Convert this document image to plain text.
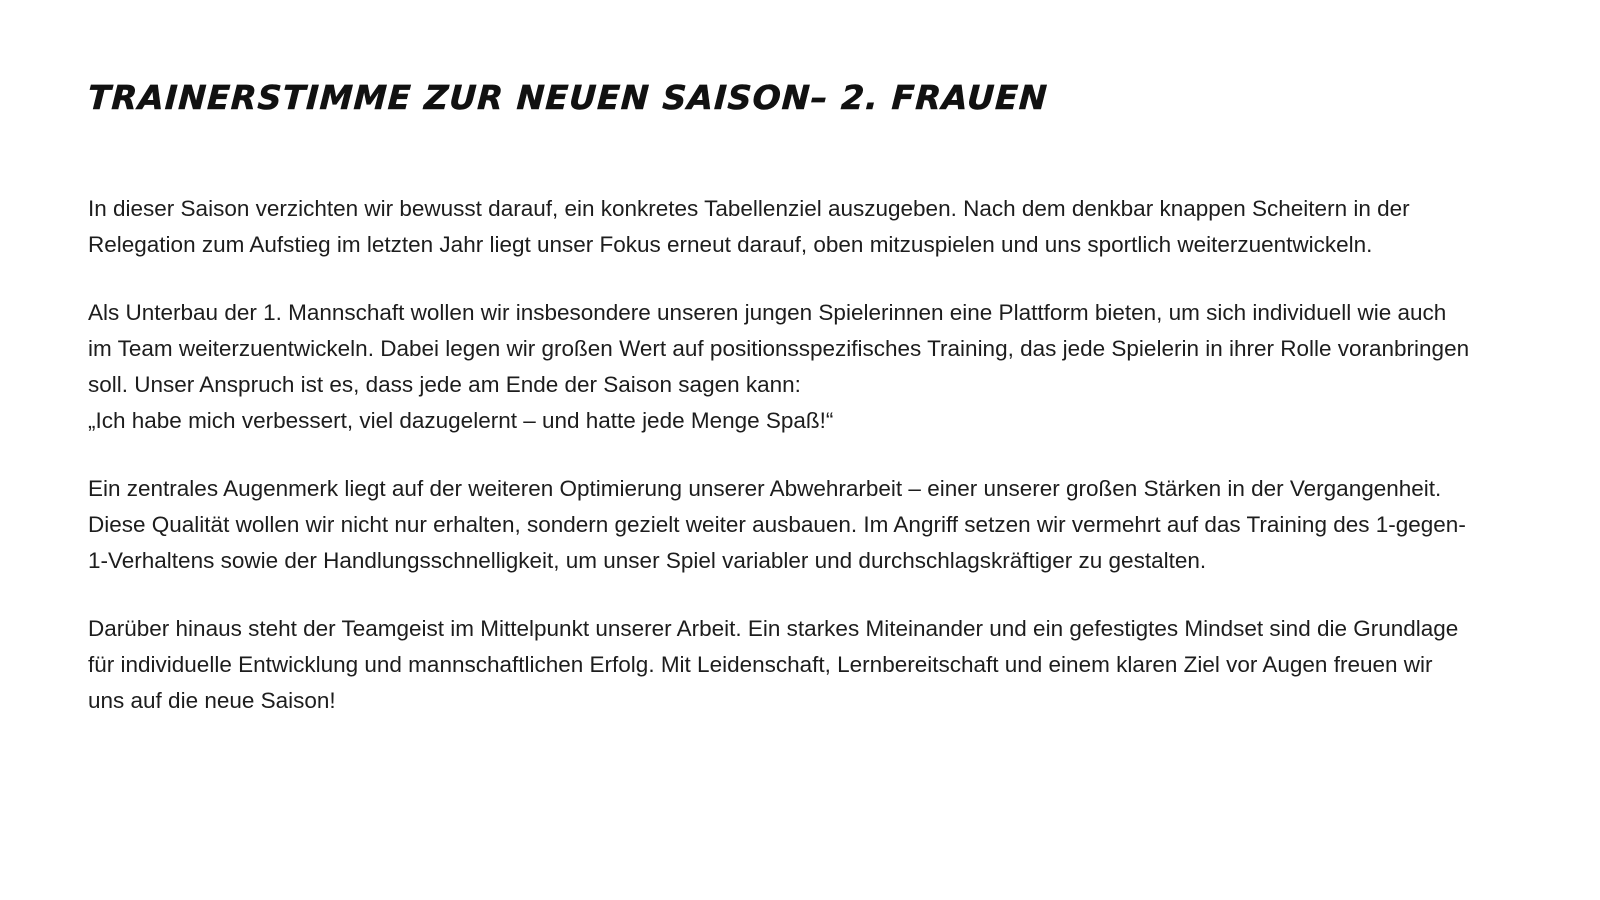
TRAINERSTIMME ZUR NEUEN SAISON– 2. FRAUEN

In dieser Saison verzichten wir bewusst darauf, ein konkretes Tabellenziel auszugeben. Nach dem denkbar knappen Scheitern in der Relegation zum Aufstieg im letzten Jahr liegt unser Fokus erneut darauf, oben mitzuspielen und uns sportlich weiterzuentwickeln.

Als Unterbau der 1. Mannschaft wollen wir insbesondere unseren jungen Spielerinnen eine Plattform bieten, um sich individuell wie auch im Team weiterzuentwickeln. Dabei legen wir großen Wert auf positionsspezifisches Training, das jede Spielerin in ihrer Rolle voranbringen soll. Unser Anspruch ist es, dass jede am Ende der Saison sagen kann:
„Ich habe mich verbessert, viel dazugelernt – und hatte jede Menge Spaß!“

Ein zentrales Augenmerk liegt auf der weiteren Optimierung unserer Abwehrarbeit – einer unserer großen Stärken in der Vergangenheit. Diese Qualität wollen wir nicht nur erhalten, sondern gezielt weiter ausbauen. Im Angriff setzen wir vermehrt auf das Training des 1-gegen-1-Verhaltens sowie der Handlungsschnelligkeit, um unser Spiel variabler und durchschlagskräftiger zu gestalten.

Darüber hinaus steht der Teamgeist im Mittelpunkt unserer Arbeit. Ein starkes Miteinander und ein gefestigtes Mindset sind die Grundlage für individuelle Entwicklung und mannschaftlichen Erfolg. Mit Leidenschaft, Lernbereitschaft und einem klaren Ziel vor Augen freuen wir uns auf die neue Saison!
